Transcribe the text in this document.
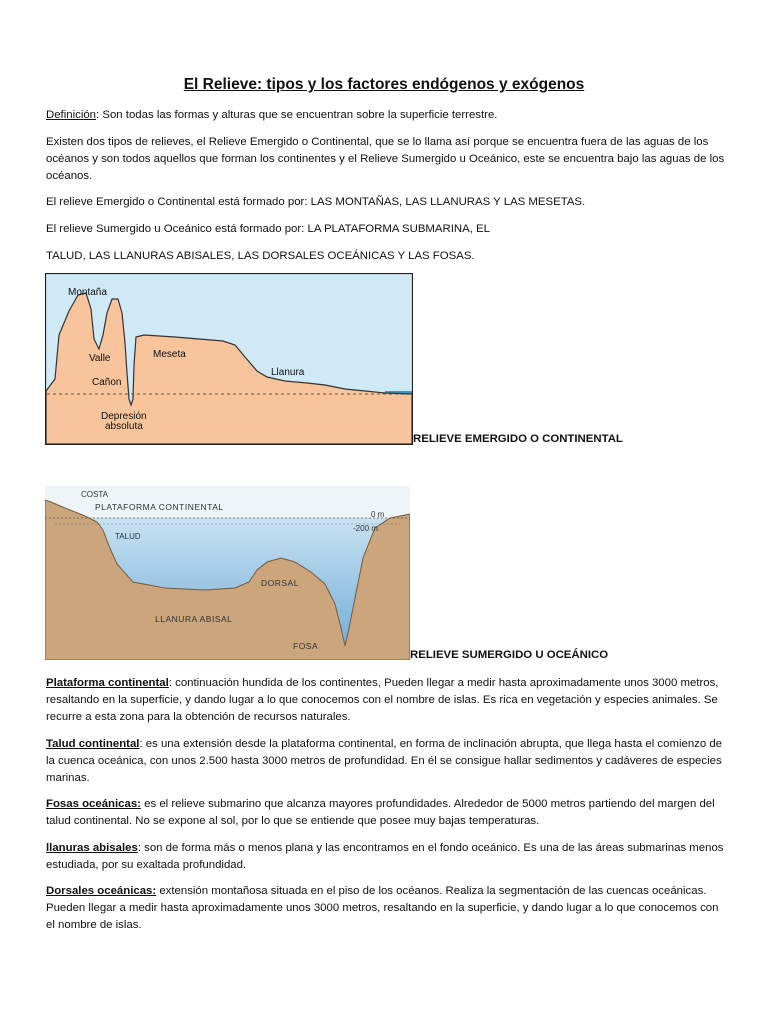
El Relieve: tipos y los factores endógenos y exógenos
Definición: Son todas las formas y alturas que se encuentran sobre la superficie terrestre.
Existen dos tipos de relieves, el Relieve Emergido o Continental, que se lo llama así porque se encuentra fuera de las aguas de los océanos y son todos aquellos que forman los continentes y el Relieve Sumergido u Oceánico, este se encuentra bajo las aguas de los océanos.
El relieve Emergido o Continental está formado por: LAS MONTAÑAS, LAS LLANURAS Y LAS MESETAS.
El relieve Sumergido u Oceánico está formado por: LA PLATAFORMA SUBMARINA, EL
TALUD, LAS LLANURAS ABISALES, LAS DORSALES OCEÁNICAS Y LAS FOSAS.
Montaña
Valle
Cañon
Meseta
Llanura
Depresión
absoluta
RELIEVE EMERGIDO O CONTINENTAL
COSTA
PLATAFORMA CONTINENTAL
0 m
-200 m
TALUD
DORSAL
LLANURA ABISAL
FOSA
RELIEVE SUMERGIDO U OCEÁNICO
Plataforma continental: continuación hundida de los continentes, Pueden llegar a medir hasta aproximadamente unos 3000 metros, resaltando en la superficie, y dando lugar a lo que conocemos con el nombre de islas. Es rica en vegetación y especies animales. Se recurre a esta zona para la obtención de recursos naturales.
Talud continental: es una extensión desde la plataforma continental, en forma de inclinación abrupta, que llega hasta el comienzo de la cuenca oceánica, con unos 2.500 hasta 3000 metros de profundidad. En él se consigue hallar sedimentos y cadáveres de especies marinas.
Fosas oceánicas: es el relieve submarino que alcanza mayores profundidades. Alrededor de 5000 metros partiendo del margen del talud continental. No se expone al sol, por lo que se entiende que posee muy bajas temperaturas.
llanuras abisales: son de forma más o menos plana y las encontramos en el fondo oceánico. Es una de las áreas submarinas menos estudiada, por su exaltada profundidad.
Dorsales oceánicas: extensión montañosa situada en el piso de los océanos. Realiza la segmentación de las cuencas oceánicas. Pueden llegar a medir hasta aproximadamente unos 3000 metros, resaltando en la superficie, y dando lugar a lo que conocemos con el nombre de islas.
